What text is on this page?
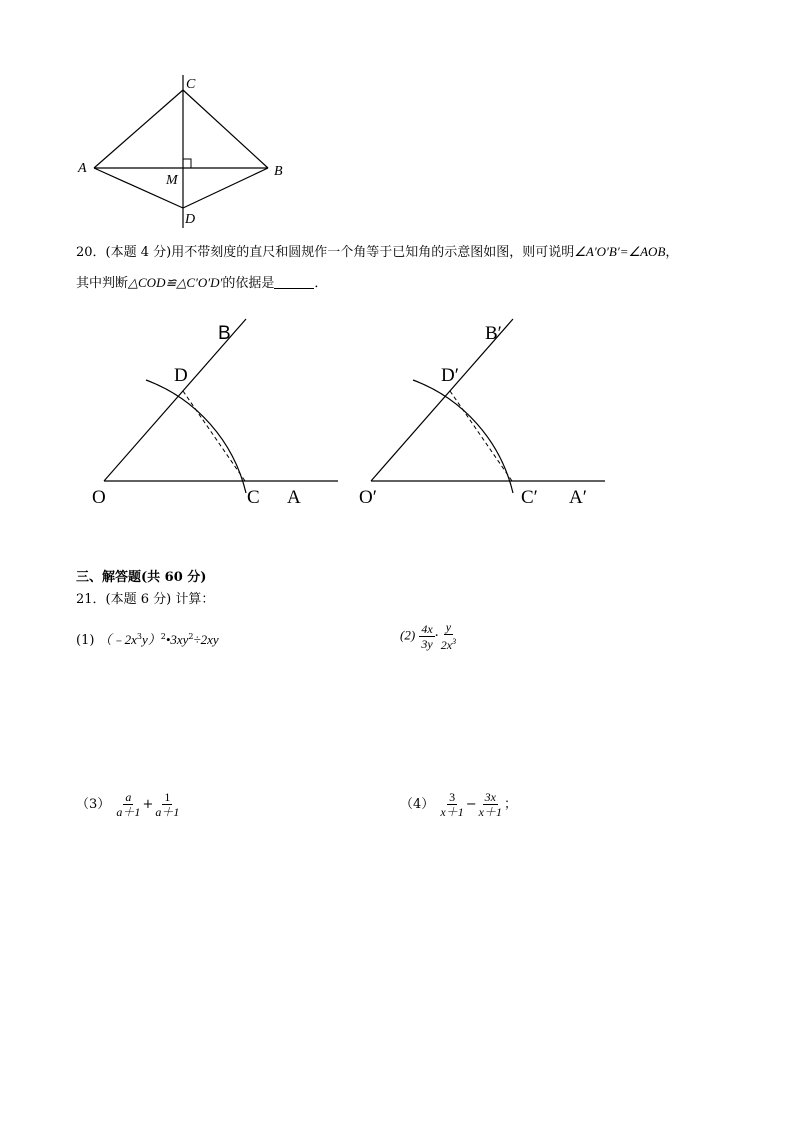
C
A	B
M
D
20．(本题 4 分)用不带刻度的直尺和圆规作一个角等于已知角的示意图如图，则可说明∠A′O′B′=∠AOB，
其中判断△COD≌△C′O′D′的依据是	．
B
D
O	C A
B′
D′
O′	C′ A′
三、解答题(共 60 分)
21．(本题 6 分) 计算：
(1) $(﹣2x^3y)^2•3xy^2\div 2xy$	$(2) \frac{4x}{3y} \cdot \frac{y}{2x^3}$
$(3) \frac{a}{a+1} + \frac{1}{a+1}$	$(4) \frac{3}{x+1} - \frac{3x}{x+1}$ ；
